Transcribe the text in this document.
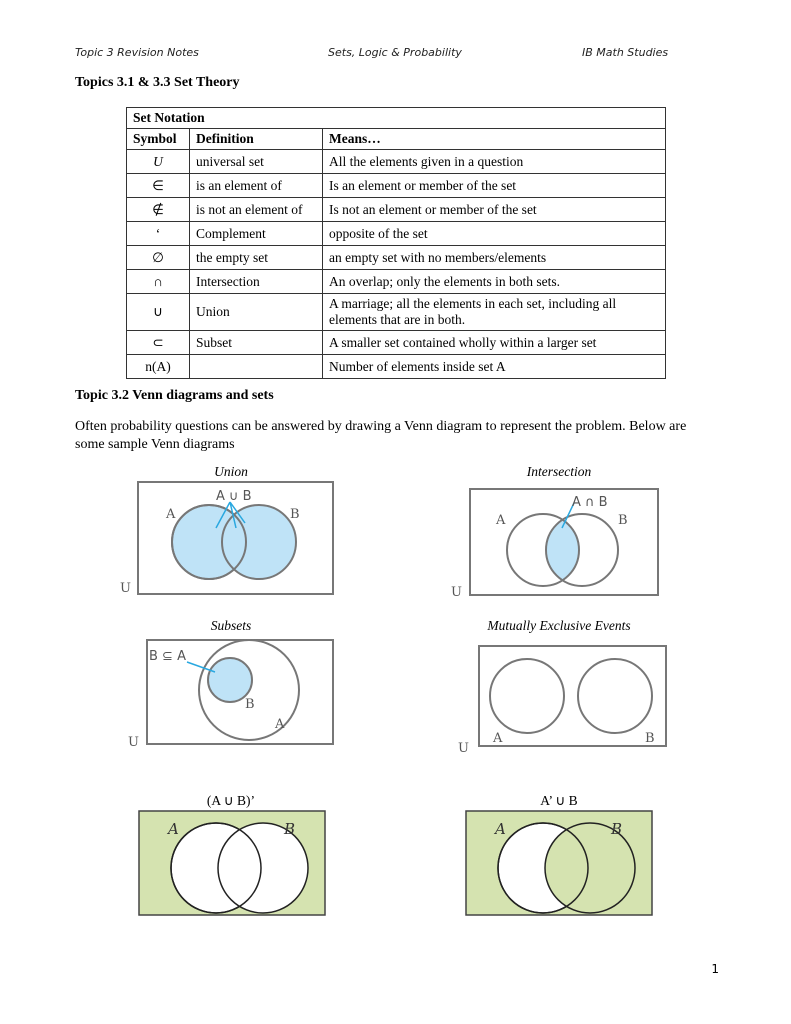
Topic 3 Revision Notes	Sets, Logic & Probability	IB Math Studies
Topics 3.1 & 3.3 Set Theory
Set Notation		
Symbol	Definition	Means…
U	universal set	All the elements given in a question
∈	is an element of	Is an element or member of the set
∉	is not an element of	Is not an element or member of the set
‘	Complement	opposite of the set
∅	the empty set	an empty set with no members/elements
∩	Intersection	An overlap; only the elements in both sets.
∪	Union	A marriage; all the elements in each set, including all elements that are in both.
⊂	Subset	A smaller set contained wholly within a larger set
n(A)		Number of elements inside set A
Topic 3.2 Venn diagrams and sets
Often probability questions can be answered by drawing a Venn diagram to represent the problem. Below are some sample Venn diagrams
Union	Intersection
Subsets	Mutually Exclusive Events
(A ∪ B)’	A’ ∪ B
A ∪ B
A	B
U
A ∩ B
A	B
U
B ⊆ A
B
A
U	A	B
U
A	B	A	B
1
